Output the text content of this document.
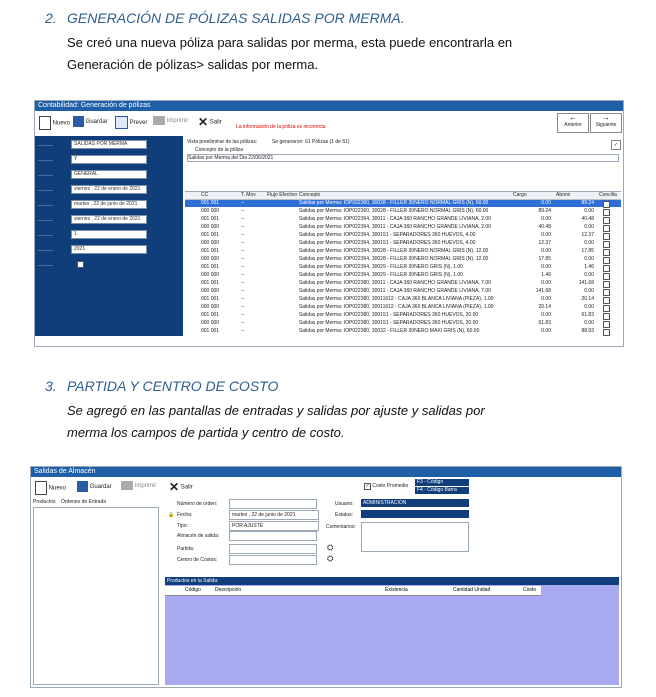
2. GENERACIÓN DE PÓLIZAS SALIDAS POR MERMA.
Se creó una nueva póliza para salidas por merma, esta puede encontrarla en
Generación de pólizas> salidas por merma.
Contabilidad: Generación de pólizas
Nuevo	Guardar	Prever	Imprimir ✕ Salir
La información de la póliza es incorrecta
←
Anterior
→
Siguiente
———	SALIDAS POR MERMA
———	Y
———	GENERAL
———	viernes , 22 de enero de 2021
———	martes , 22 de junio de 2021
———	viernes , 22 de enero de 2021
———	1
———	2021
———
Vista preeliminar de las pólizas:	Se generaron: 61 Pólizas (1 de 61)
Concepto de la póliza
Salidas por Merma del Dia 22/06/2021
✓
CC	T. Mov Flujo Efectivo Concepto	Cargo	Abono	Concilia
001 001	--	Salidas por Merma: IOP022360, 30028 - FILLER 30NERO NORMAL GRIS (N), 60.00	0.00	89.24
000 000	--	Salidas por Merma: IOP022360, 30028 - FILLER 30NERO NORMAL GRIS (N), 60.00	89.24	0.00
001 001	--	Salidas por Merma: IOP022364, 30011 - CAJA 360 RANCHO GRANDE LIVIANA, 2.00	0.00	40.48
000 000	--	Salidas por Merma: IOP022364, 30011 - CAJA 360 RANCHO GRANDE LIVIANA, 2.00	40.48	0.00
001 001	--	Salidas por Merma: IOP022364, 300151 - SEPARADORES 360 HUEVOS, 4.00	0.00	12.37
000 000	--	Salidas por Merma: IOP022364, 300151 - SEPARADORES 360 HUEVOS, 4.00	12.37	0.00
001 001	--	Salidas por Merma: IOP022364, 30028 - FILLER 30NERO NORMAL GRIS (N), 12.00	0.00	17.85
000 000	--	Salidas por Merma: IOP022364, 30028 - FILLER 30NERO NORMAL GRIS (N), 12.00	17.85	0.00
001 001	--	Salidas por Merma: IOP022364, 30029 - FILLER 30NERO GRIS (N), 1.00	0.00	1.46
000 000	--	Salidas por Merma: IOP022364, 30029 - FILLER 30NERO GRIS (N), 1.00	1.46	0.00
001 001	--	Salidas por Merma: IOP022380, 30011 - CAJA 360 RANCHO GRANDE LIVIANA, 7.00	0.00	141.68
000 000	--	Salidas por Merma: IOP022380, 30011 - CAJA 360 RANCHO GRANDE LIVIANA, 7.00	141.68	0.00
001 001	--	Salidas por Merma: IOP022380, 30011612 - CAJA 360 BLANCA LIVIANA (PIEZA), 1.00	0.00	20.14
000 000	--	Salidas por Merma: IOP022380, 30011612 - CAJA 360 BLANCA LIVIANA (PIEZA), 1.00	20.14	0.00
001 001	--	Salidas por Merma: IOP022380, 300151 - SEPARADORES 360 HUEVOS, 20.00	0.00	61.83
000 000	--	Salidas por Merma: IOP022380, 300151 - SEPARADORES 360 HUEVOS, 20.00	61.83	0.00
001 001	--	Salidas por Merma: IOP022380, 30032 - FILLER 30NERO MAXI GRIS (N), 60.00	0.00	88.93
3. PARTIDA Y CENTRO DE COSTO
Se agregó en las pantallas de entradas y salidas por ajuste y salidas por
merma los campos de partida y centro de costo.
Salidas de Almacén
Nuevo	Guardar	Imprimir ✕ Salir	✓ Costo Promedio
F3 - Código
F4 - Código Barra
Productos Órdenes de Entrada	Número de orden:
🔒 Fecha:	martes , 22 de junio de 2021
Tipo:	POR AJUSTE
Almacén de salida:
Partida:	⛭
Centro de Costos:	⛭
Usuario:	ADMINISTRACION
Estatus:
Comentarios:
Productos en la Salida:
Código	Descripción	Existencia	Cantidad Unidad	Costo
